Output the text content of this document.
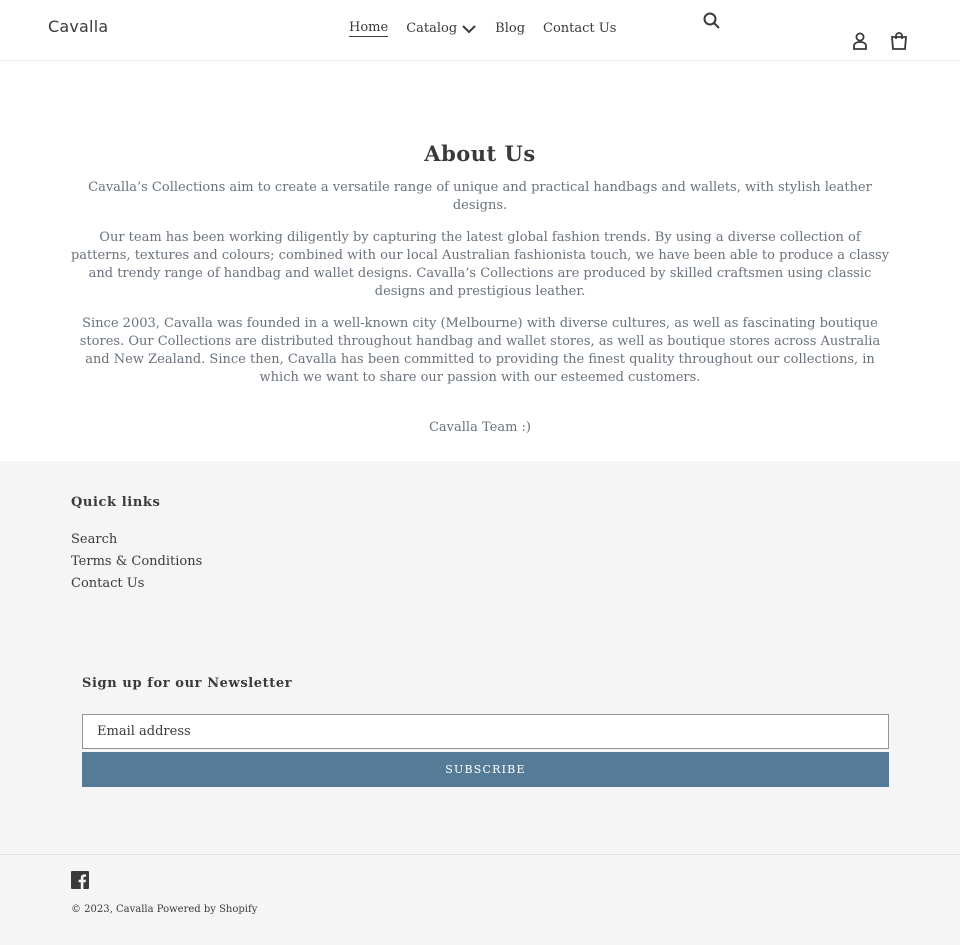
Cavalla	Home Catalog	Blog Contact Us
About Us

Cavalla’s Collections aim to create a versatile range of unique and practical handbags and wallets, with stylish leather designs.

Our team has been working diligently by capturing the latest global fashion trends. By using a diverse collection of patterns, textures and colours; combined with our local Australian fashionista touch, we have been able to produce a classy and trendy range of handbag and wallet designs. Cavalla’s Collections are produced by skilled craftsmen using classic designs and prestigious leather.

Since 2003, Cavalla was founded in a well-known city (Melbourne) with diverse cultures, as well as fascinating boutique stores. Our Collections are distributed throughout handbag and wallet stores, as well as boutique stores across Australia and New Zealand. Since then, Cavalla has been committed to providing the finest quality throughout our collections, in which we want to share our passion with our esteemed customers.

Cavalla Team :)

Quick links
Search
Terms & Conditions
Contact Us
Sign up for our Newsletter
Email address
SUBSCRIBE
© 2023, Cavalla Powered by Shopify
